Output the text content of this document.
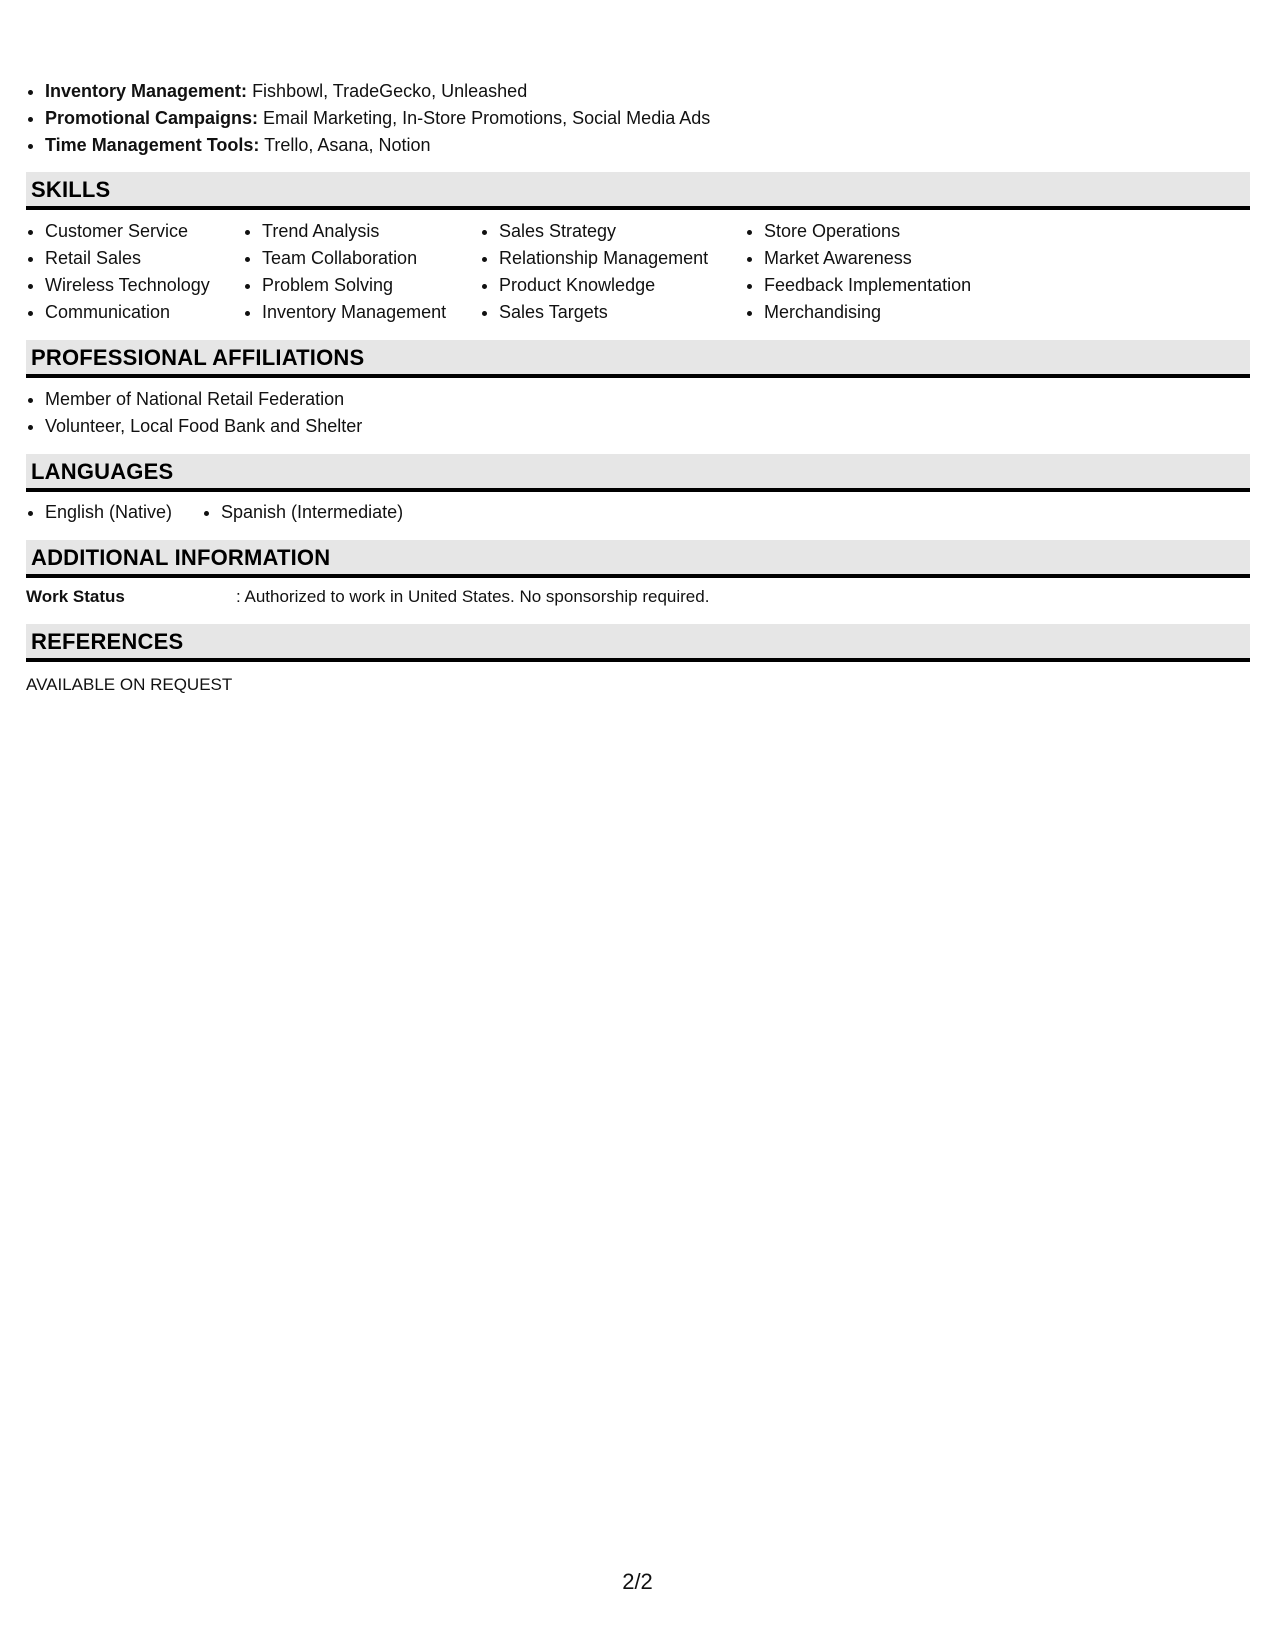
• Inventory Management: Fishbowl, TradeGecko, Unleashed
• Promotional Campaigns: Email Marketing, In-Store Promotions, Social Media Ads
• Time Management Tools: Trello, Asana, Notion
SKILLS
• Customer Service
• Retail Sales
• Wireless Technology
• Communication
• Trend Analysis
• Team Collaboration
• Problem Solving
• Inventory Management
• Sales Strategy
• Relationship Management
• Product Knowledge
• Sales Targets
• Store Operations
• Market Awareness
• Feedback Implementation
• Merchandising
PROFESSIONAL AFFILIATIONS
• Member of National Retail Federation
• Volunteer, Local Food Bank and Shelter
LANGUAGES
• English (Native)
•	Spanish (Intermediate)
ADDITIONAL INFORMATION
Work Status	: Authorized to work in United States. No sponsorship required.
REFERENCES
AVAILABLE ON REQUEST
2/2
